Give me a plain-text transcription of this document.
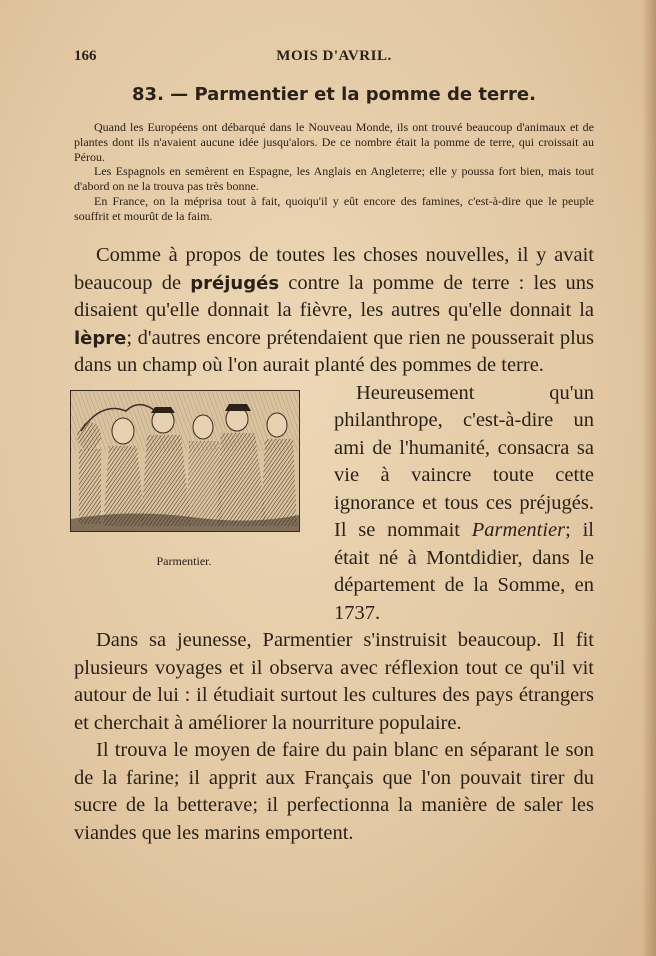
166	MOIS D'AVRIL.
83. — Parmentier et la pomme de terre.

Quand les Européens ont débarqué dans le Nouveau Monde, ils ont trouvé beaucoup d'animaux et de plantes dont ils n'avaient aucune idée jusqu'alors. De ce nombre était la pomme de terre, qui croissait au Pérou.

Les Espagnols en semèrent en Espagne, les Anglais en Angleterre; elle y poussa fort bien, mais tout d'abord on ne la trouva pas très bonne.

En France, on la méprisa tout à fait, quoiqu'il y eût encore des famines, c'est-à-dire que le peuple souffrit et mourût de la faim.

Comme à propos de toutes les choses nouvelles, il y avait beaucoup de préjugés contre la pomme de terre : les uns disaient qu'elle donnait la fièvre, les autres qu'elle donnait la lèpre; d'autres encore prétendaient que rien ne pousserait plus dans un champ où l'on aurait planté des pommes de terre.

Parmentier.

Heureusement qu'un philanthrope, c'est-à-dire un ami de l'humanité, consacra sa vie à vaincre toute cette ignorance et tous ces préjugés. Il se nommait Parmentier; il était né à Montdidier, dans le département de la Somme, en 1737.

Dans sa jeunesse, Parmentier s'instruisit beaucoup. Il fit plusieurs voyages et il observa avec réflexion tout ce qu'il vit autour de lui : il étudiait surtout les cultures des pays étrangers et cherchait à améliorer la nourriture populaire.

Il trouva le moyen de faire du pain blanc en séparant le son de la farine; il apprit aux Français que l'on pouvait tirer du sucre de la betterave; il perfectionna la manière de saler les viandes que les marins emportent.
